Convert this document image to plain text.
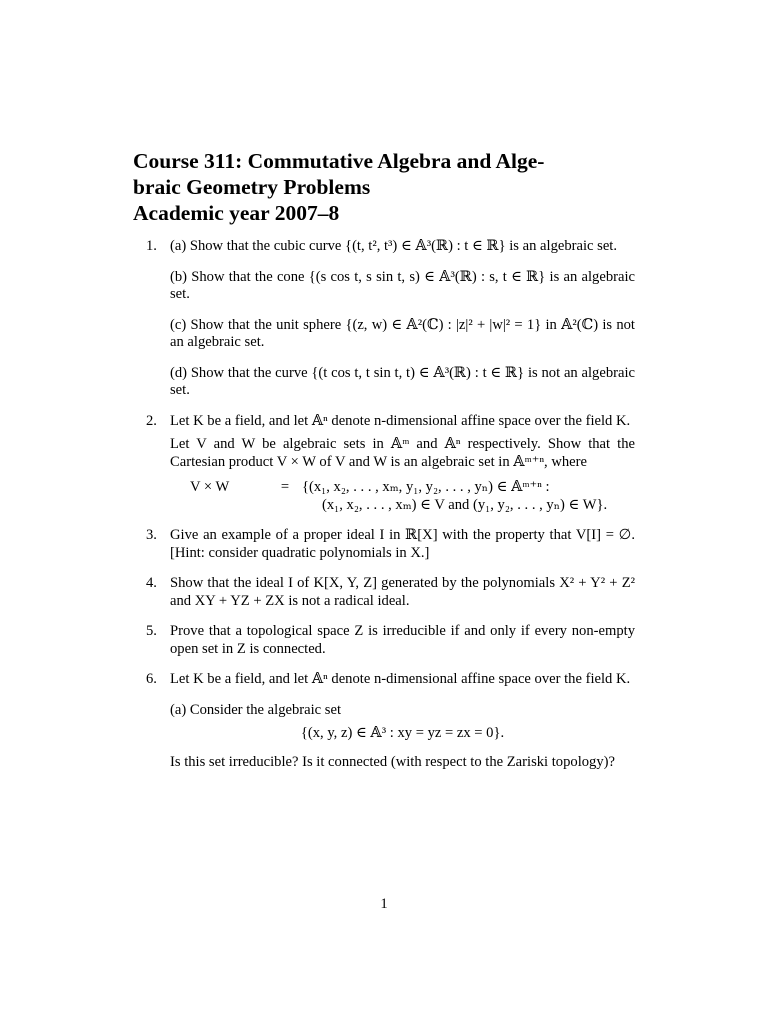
Course 311: Commutative Algebra and Alge-
braic Geometry Problems
Academic year 2007–8
1. (a) Show that the cubic curve {(t, t², t³) ∈ 𝔸³(ℝ) : t ∈ ℝ} is an algebraic set.

(b) Show that the cone {(s cos t, s sin t, s) ∈ 𝔸³(ℝ) : s, t ∈ ℝ} is an algebraic set.

(c) Show that the unit sphere {(z, w) ∈ 𝔸²(ℂ) : |z|² + |w|² = 1} in 𝔸²(ℂ) is not an algebraic set.

(d) Show that the curve {(t cos t, t sin t, t) ∈ 𝔸³(ℝ) : t ∈ ℝ} is not an algebraic set.

2. Let K be a field, and let 𝔸ⁿ denote n-dimensional affine space over the field K.

Let V and W be algebraic sets in 𝔸ᵐ and 𝔸ⁿ respectively. Show that the Cartesian product V × W of V and W is an algebraic set in 𝔸ᵐ⁺ⁿ, where

V × W	= {(x₁, x₂, . . . , xₘ, y₁, y₂, . . . , yₙ) ∈ 𝔸ᵐ⁺ⁿ :
(x₁, x₂, . . . , xₘ) ∈ V and (y₁, y₂, . . . , yₙ) ∈ W}.
3. Give an example of a proper ideal I in ℝ[X] with the property that V[I] = ∅. [Hint: consider quadratic polynomials in X.]

4. Show that the ideal I of K[X, Y, Z] generated by the polynomials X² + Y² + Z² and XY + YZ + ZX is not a radical ideal.

5. Prove that a topological space Z is irreducible if and only if every non-empty open set in Z is connected.

6. Let K be a field, and let 𝔸ⁿ denote n-dimensional affine space over the field K.

(a) Consider the algebraic set

{(x, y, z) ∈ 𝔸³ : xy = yz = zx = 0}.

Is this set irreducible? Is it connected (with respect to the Zariski topology)?

1
